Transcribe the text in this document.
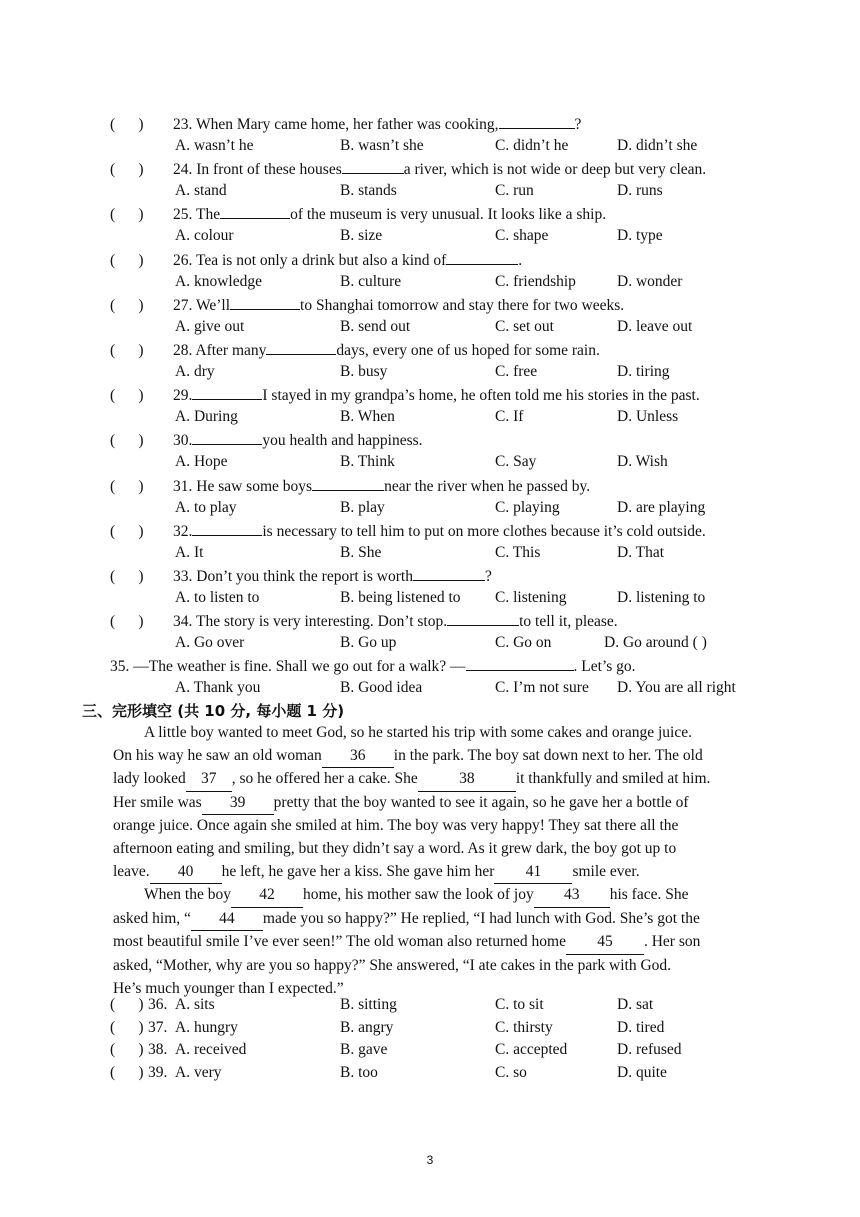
(      ) 23. When Mary came home, her father was cooking,	?
A. wasn’t he	B. wasn’t she	C. didn’t he	D. didn’t she
(      ) 24. In front of these houses	a river, which is not wide or deep but very clean.
A. stand	B. stands	C. run	D. runs
(      ) 25. The	of the museum is very unusual. It looks like a ship.
A. colour	B. size	C. shape	D. type
(      ) 26. Tea is not only a drink but also a kind of	.
A. knowledge	B. culture	C. friendship	D. wonder
(      ) 27. We’ll	to Shanghai tomorrow and stay there for two weeks.
A. give out	B. send out	C. set out	D. leave out
(      ) 28. After many	days, every one of us hoped for some rain.
A. dry	B. busy	C. free	D. tiring
(      ) 29.	I stayed in my grandpa’s home, he often told me his stories in the past.
A. During	B. When	C. If	D. Unless
(      ) 30.	you health and happiness.
A. Hope	B. Think	C. Say	D. Wish
(      ) 31. He saw some boys	near the river when he passed by.
A. to play	B. play	C. playing	D. are playing
(      ) 32.	is necessary to tell him to put on more clothes because it’s cold outside.
A. It	B. She	C. This	D. That
(      ) 33. Don’t you think the report is worth	?
A. to listen to	B. being listened to C. listening	D. listening to
(      ) 34. The story is very interesting. Don’t stop.	to tell it, please.
A. Go over	B. Go up	C. Go on	D. Go around ( )
35. —The weather is fine. Shall we go out for a walk? —	. Let’s go.
A. Thank you	B. Good idea	C. I’m not sure D. You are all right
三、完形填空 (共 10 分, 每小题 1 分)

A little boy wanted to meet God, so he started his trip with some cakes and orange juice.

On his way he saw an old woman 36 in the park. The boy sat down next to her. The old

lady looked 37 , so he offered her a cake. She	38	it thankfully and smiled at him.

Her smile was 39 pretty that the boy wanted to see it again, so he gave her a bottle of

orange juice. Once again she smiled at him. The boy was very happy! They sat there all the

afternoon eating and smiling, but they didn’t say a word. As it grew dark, the boy got up to

leave. 40 he left, he gave her a kiss. She gave him her 41 smile ever.

When the boy 42 home, his mother saw the look of joy 43 his face. She

asked him, “ 44 made you so happy?” He replied, “I had lunch with God. She’s got the

most beautiful smile I’ve ever seen!” The old woman also returned home 45 . Her son

asked, “Mother, why are you so happy?” She answered, “I ate cakes in the park with God.

He’s much younger than I expected.”

(      ) 36. A. sits	B. sitting	C. to sit	D. sat
(      ) 37. A. hungry	B. angry	C. thirsty	D. tired
(      ) 38. A. received	B. gave	C. accepted	D. refused
(      ) 39. A. very	B. too	C. so	D. quite
3
